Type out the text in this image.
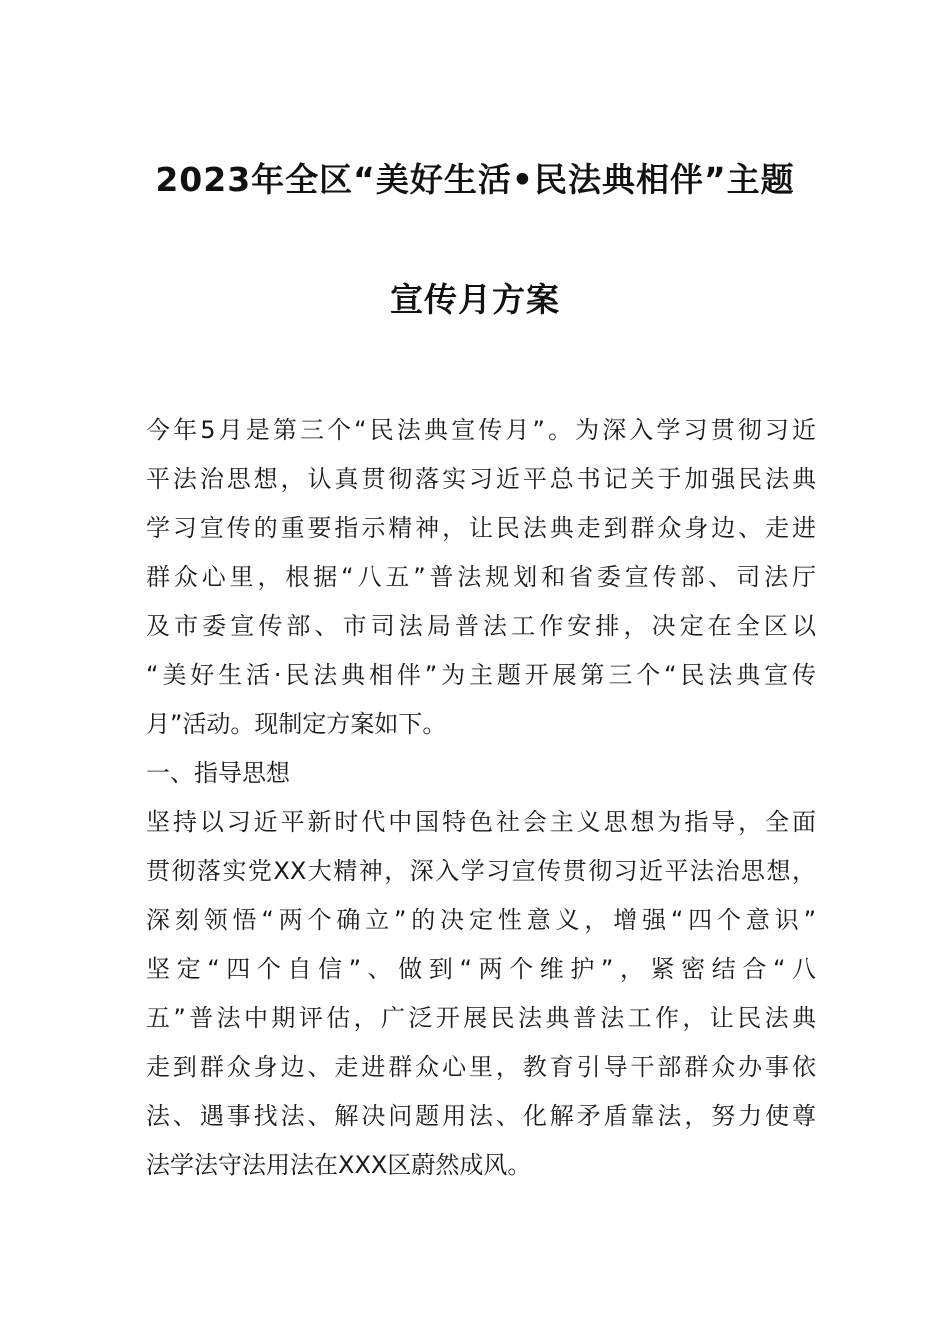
2023年全区“美好生活•民法典相伴”主题
宣传月方案
今年5月是第三个“民法典宣传月”。为深入学习贯彻习近
平法治思想，认真贯彻落实习近平总书记关于加强民法典
学习宣传的重要指示精神，让民法典走到群众身边、走进
群众心里，根据“八五”普法规划和省委宣传部、司法厅
及市委宣传部、市司法局普法工作安排，决定在全区以
“美好生活·民法典相伴”为主题开展第三个“民法典宣传
月”活动。现制定方案如下。
一、指导思想
坚持以习近平新时代中国特色社会主义思想为指导，全面
贯彻落实党XX大精神，深入学习宣传贯彻习近平法治思想，
深刻领悟“两个确立”的决定性意义，增强“四个意识”
坚定“四个自信”、做到“两个维护”，紧密结合“八
五”普法中期评估，广泛开展民法典普法工作，让民法典
走到群众身边、走进群众心里，教育引导干部群众办事依
法、遇事找法、解决问题用法、化解矛盾靠法，努力使尊
法学法守法用法在XXX区蔚然成风。
